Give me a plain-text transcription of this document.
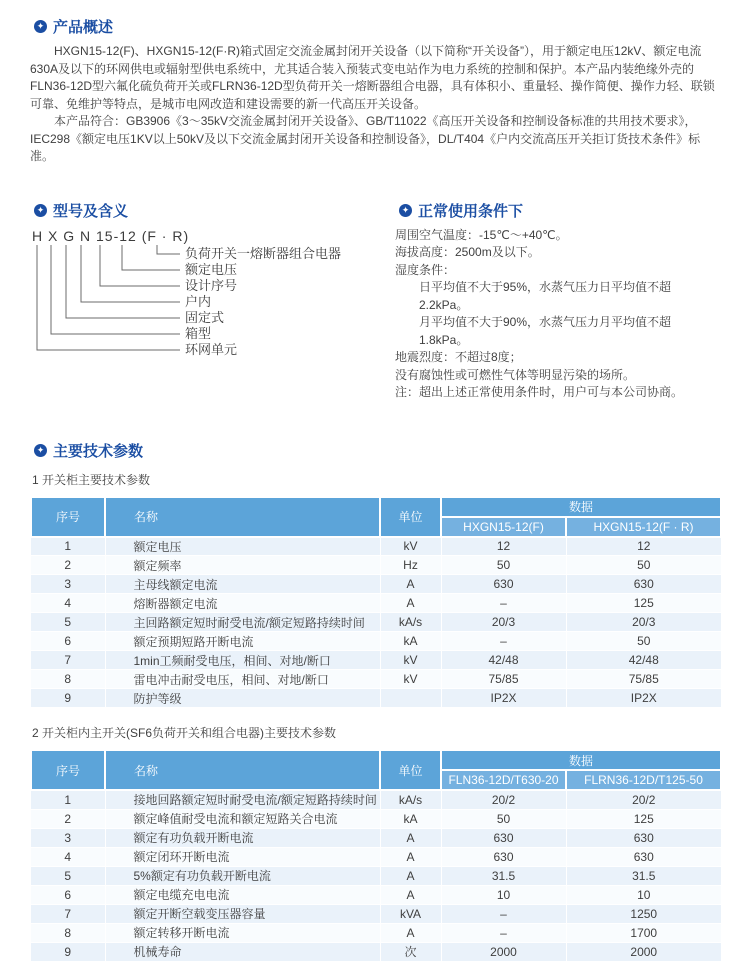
✦ 产品概述

HXGN15-12(F)、HXGN15-12(F·R)箱式固定交流金属封闭开关设备（以下简称“开关设备”），用于额定电压12kV、额定电流630A及以下的环网供电或辐射型供电系统中，尤其适合装入预装式变电站作为电力系统的控制和保护。本产品内装绝缘外壳的FLN36-12D型六氟化硫负荷开关或FLRN36-12D型负荷开关一熔断器组合电器，具有体积小、重量轻、操作简便、操作力轻、联锁可靠、免维护等特点，是城市电网改造和建设需要的新一代高压开关设备。

本产品符合：GB3906《3～35kV交流金属封闭开关设备》、GB/T11022《高压开关设备和控制设备标准的共用技术要求》，IEC298《额定电压1KV以上50kV及以下交流金属封闭开关设备和控制设备》，DL/T404《户内交流高压开关拒订货技术条件》标准。

✦ 型号及含义
H X G N 15-12 (F · R)
负荷开关一熔断器组合电器
额定电压
设计序号
户内
固定式
箱型
环网单元
✦ 正常使用条件下

周围空气温度：-15℃～+40℃。

海拔高度：2500m及以下。

湿度条件：

日平均值不大于95%，水蒸气压力日平均值不超2.2kPa。

月平均值不大于90%，水蒸气压力月平均值不超1.8kPa。

地震烈度：不超过8度；

没有腐蚀性或可燃性气体等明显污染的场所。

注：超出上述正常使用条件时，用户可与本公司协商。

✦ 主要技术参数

1 开关柜主要技术参数

序号	名称	单位	数据	
			HXGN15-12(F)	HXGN15-12(F · R)
1	额定电压	kV	12	12
2	额定频率	Hz	50	50
3	主母线额定电流	A	630	630
4	熔断器额定电流	A	–	125
5	主回路额定短时耐受电流/额定短路持续时间	kA/s	20/3	20/3
6	额定预期短路开断电流	kA	–	50
7	1min工频耐受电压，相间、对地/断口	kV	42/48	42/48
8	雷电冲击耐受电压，相间、对地/断口	kV	75/85	75/85
9	防护等级		IP2X	IP2X

2 开关柜内主开关(SF6负荷开关和组合电器)主要技术参数

序号	名称	单位	数据	
			FLN36-12D/T630-20	FLRN36-12D/T125-50
1	接地回路额定短时耐受电流/额定短路持续时间	kA/s	20/2	20/2
2	额定峰值耐受电流和额定短路关合电流	kA	50	125
3	额定有功负载开断电流	A	630	630
4	额定闭环开断电流	A	630	630
5	5%额定有功负载开断电流	A	31.5	31.5
6	额定电缆充电电流	A	10	10
7	额定开断空载变压器容量	kVA	–	1250
8	额定转移开断电流	A	–	1700
9	机械寿命	次	2000	2000
